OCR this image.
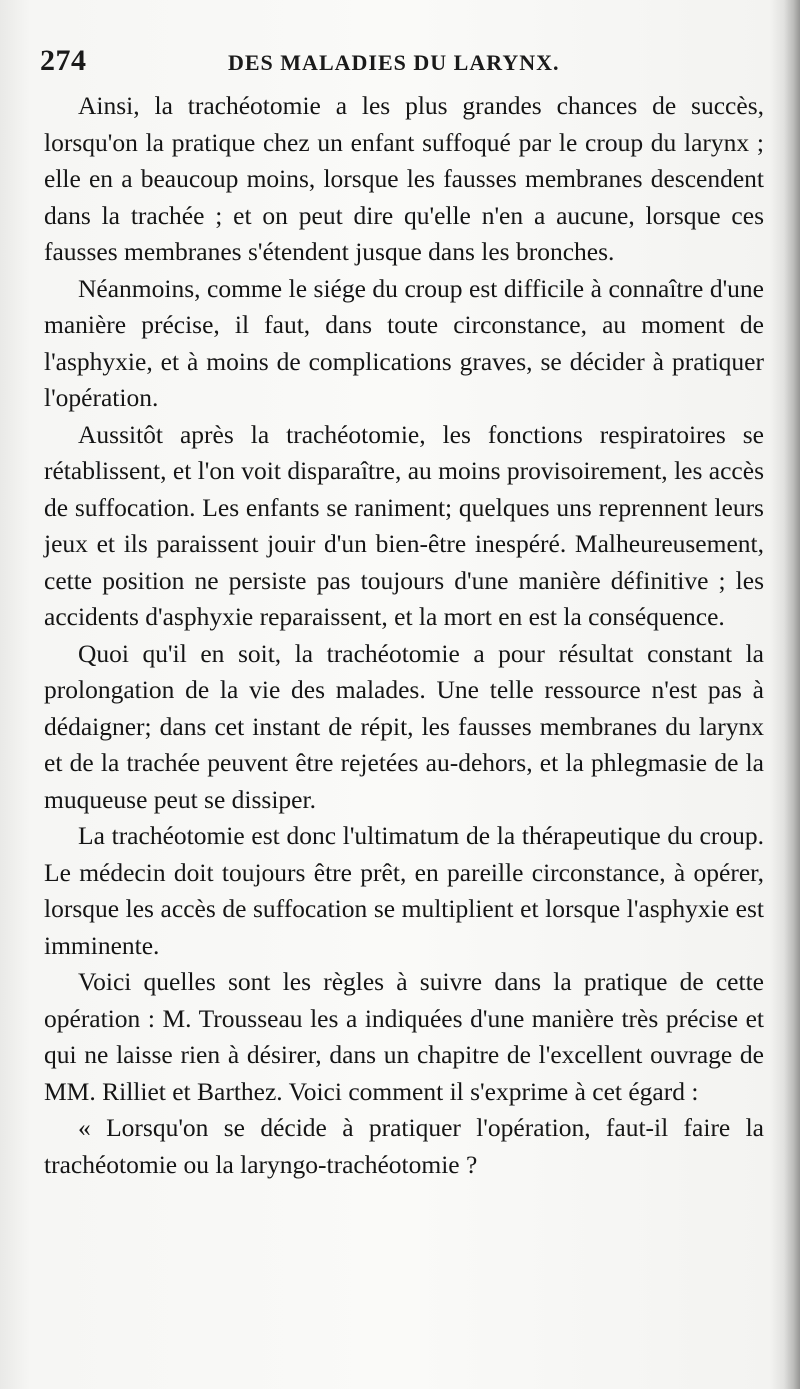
274	DES MALADIES DU LARYNX.

Ainsi, la trachéotomie a les plus grandes chances de succès, lorsqu'on la pratique chez un enfant suffoqué par le croup du larynx ; elle en a beaucoup moins, lorsque les fausses membranes descendent dans la trachée ; et on peut dire qu'elle n'en a aucune, lorsque ces fausses membranes s'étendent jusque dans les bronches.

Néanmoins, comme le siége du croup est difficile à connaître d'une manière précise, il faut, dans toute circonstance, au moment de l'asphyxie, et à moins de complications graves, se décider à pratiquer l'opération.

Aussitôt après la trachéotomie, les fonctions respiratoires se rétablissent, et l'on voit disparaître, au moins provisoirement, les accès de suffocation. Les enfants se raniment; quelques uns reprennent leurs jeux et ils paraissent jouir d'un bien-être inespéré. Malheureusement, cette position ne persiste pas toujours d'une manière définitive ; les accidents d'asphyxie reparaissent, et la mort en est la conséquence.

Quoi qu'il en soit, la trachéotomie a pour résultat constant la prolongation de la vie des malades. Une telle ressource n'est pas à dédaigner; dans cet instant de répit, les fausses membranes du larynx et de la trachée peuvent être rejetées au-dehors, et la phlegmasie de la muqueuse peut se dissiper.

La trachéotomie est donc l'ultimatum de la thérapeutique du croup. Le médecin doit toujours être prêt, en pareille circonstance, à opérer, lorsque les accès de suffocation se multiplient et lorsque l'asphyxie est imminente.

Voici quelles sont les règles à suivre dans la pratique de cette opération : M. Trousseau les a indiquées d'une manière très précise et qui ne laisse rien à désirer, dans un chapitre de l'excellent ouvrage de MM. Rilliet et Barthez. Voici comment il s'exprime à cet égard :

« Lorsqu'on se décide à pratiquer l'opération, faut-il faire la trachéotomie ou la laryngo-trachéotomie ?
